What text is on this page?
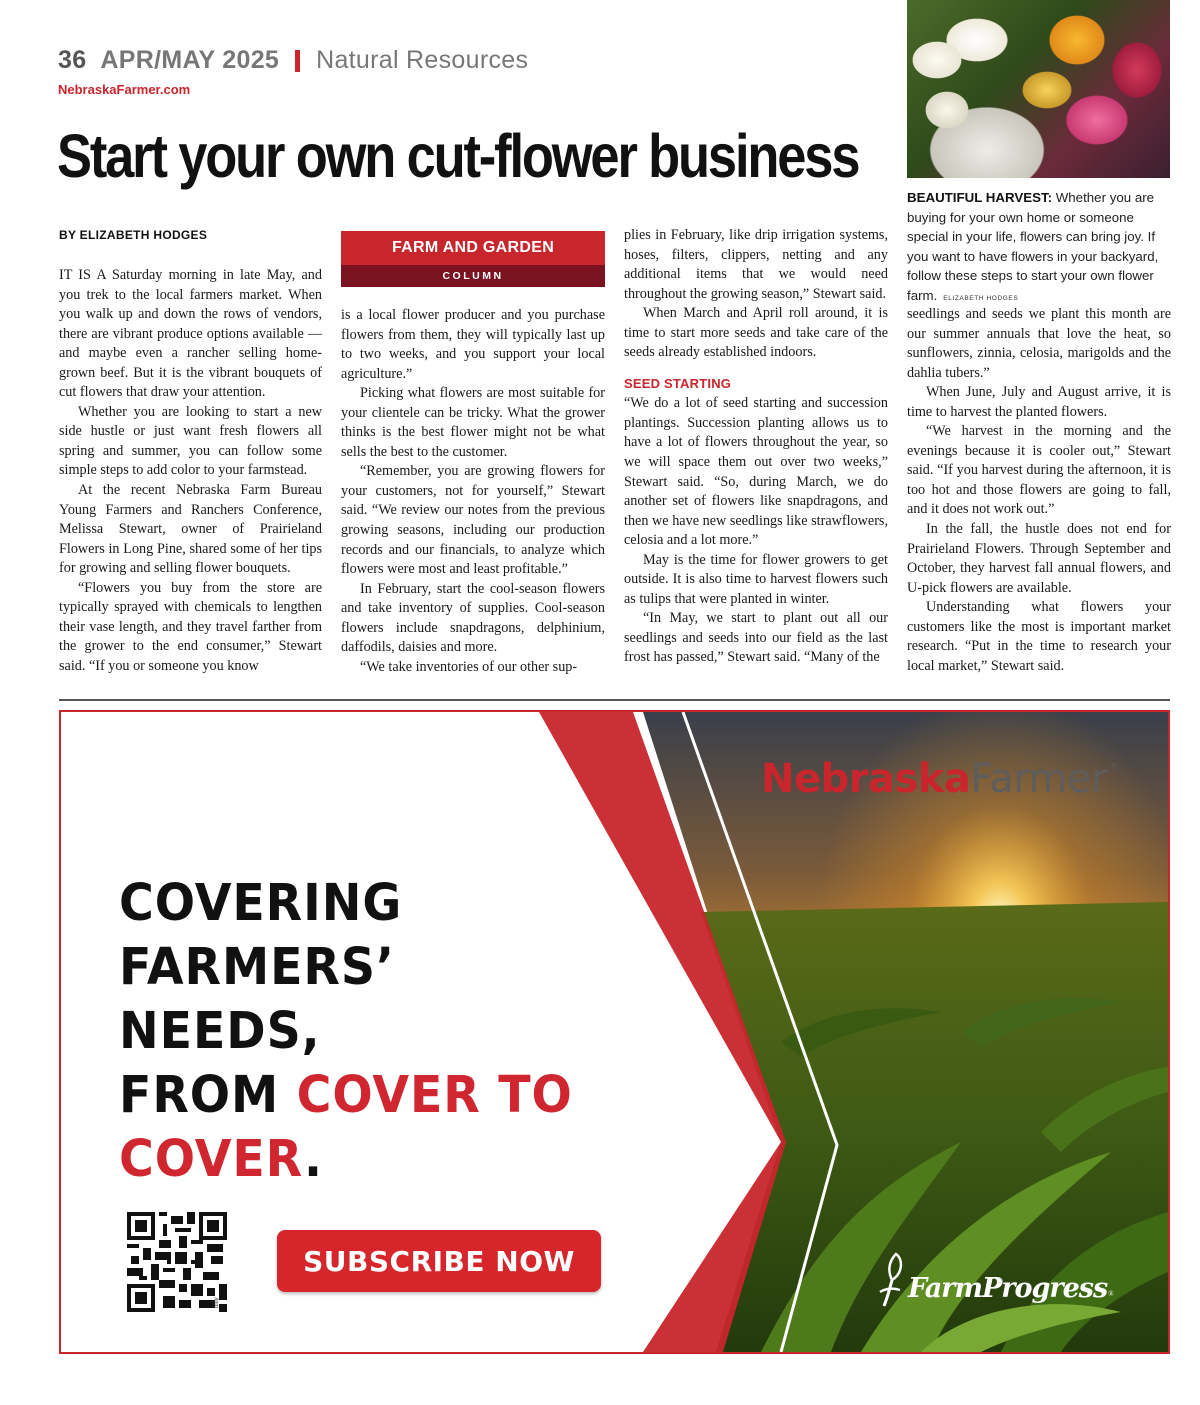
36 APR/MAY 2025 Natural Resources
NebraskaFarmer.com
Start your own cut-flower business
BEAUTIFUL HARVEST: Whether you are buying for your own home or someone special in your life, flowers can bring joy. If you want to have flowers in your backyard, follow these steps to start your own flower farm. ELIZABETH HODGES
BY ELIZABETH HODGES
FARM AND GARDEN
COLUMN

IT IS A Saturday morning in late May, and you trek to the local farmers market. When you walk up and down the rows of vendors, there are vibrant produce options available — and maybe even a rancher selling home-grown beef. But it is the vibrant bouquets of cut flowers that draw your attention.

Whether you are looking to start a new side hustle or just want fresh flowers all spring and summer, you can follow some simple steps to add color to your farmstead.

At the recent Nebraska Farm Bureau Young Farmers and Ranchers Conference, Melissa Stewart, owner of Prairieland Flowers in Long Pine, shared some of her tips for growing and selling flower bouquets.

“Flowers you buy from the store are typically sprayed with chemicals to lengthen their vase length, and they travel farther from the grower to the end consumer,” Stewart said. “If you or someone you know

is a local flower producer and you purchase flowers from them, they will typically last up to two weeks, and you support your local agriculture.”

Picking what flowers are most suitable for your clientele can be tricky. What the grower thinks is the best flower might not be what sells the best to the customer.

“Remember, you are growing flowers for your customers, not for yourself,” Stewart said. “We review our notes from the previous growing seasons, including our production records and our financials, to analyze which flowers were most and least profitable.”

In February, start the cool-season flowers and take inventory of supplies. Cool-season flowers include snapdragons, delphinium, daffodils, daisies and more.

“We take inventories of our other sup-

plies in February, like drip irrigation systems, hoses, filters, clippers, netting and any additional items that we would need throughout the growing season,” Stewart said.

When March and April roll around, it is time to start more seeds and take care of the seeds already established indoors.

SEED STARTING

“We do a lot of seed starting and succession plantings. Succession planting allows us to have a lot of flowers throughout the year, so we will space them out over two weeks,” Stewart said. “So, during March, we do another set of flowers like snapdragons, and then we have new seedlings like strawflowers, celosia and a lot more.”

May is the time for flower growers to get outside. It is also time to harvest flowers such as tulips that were planted in winter.

“In May, we start to plant out all our seedlings and seeds into our field as the last frost has passed,” Stewart said. “Many of the

seedlings and seeds we plant this month are our summer annuals that love the heat, so sunflowers, zinnia, celosia, marigolds and the dahlia tubers.”

When June, July and August arrive, it is time to harvest the planted flowers.

“We harvest in the morning and the evenings because it is cooler out,” Stewart said. “If you harvest during the afternoon, it is too hot and those flowers are going to fall, and it does not work out.”

In the fall, the hustle does not end for Prairieland Flowers. Through September and October, they harvest fall annual flowers, and U-pick flowers are available.

Understanding what flowers your customers like the most is important market research. “Put in the time to research your local market,” Stewart said.

Nebraska Farmer ®
COVERING
FARMERS’ NEEDS,
FROM COVER TO
COVER.
bitly
SUBSCRIBE NOW
FarmProgress ®
